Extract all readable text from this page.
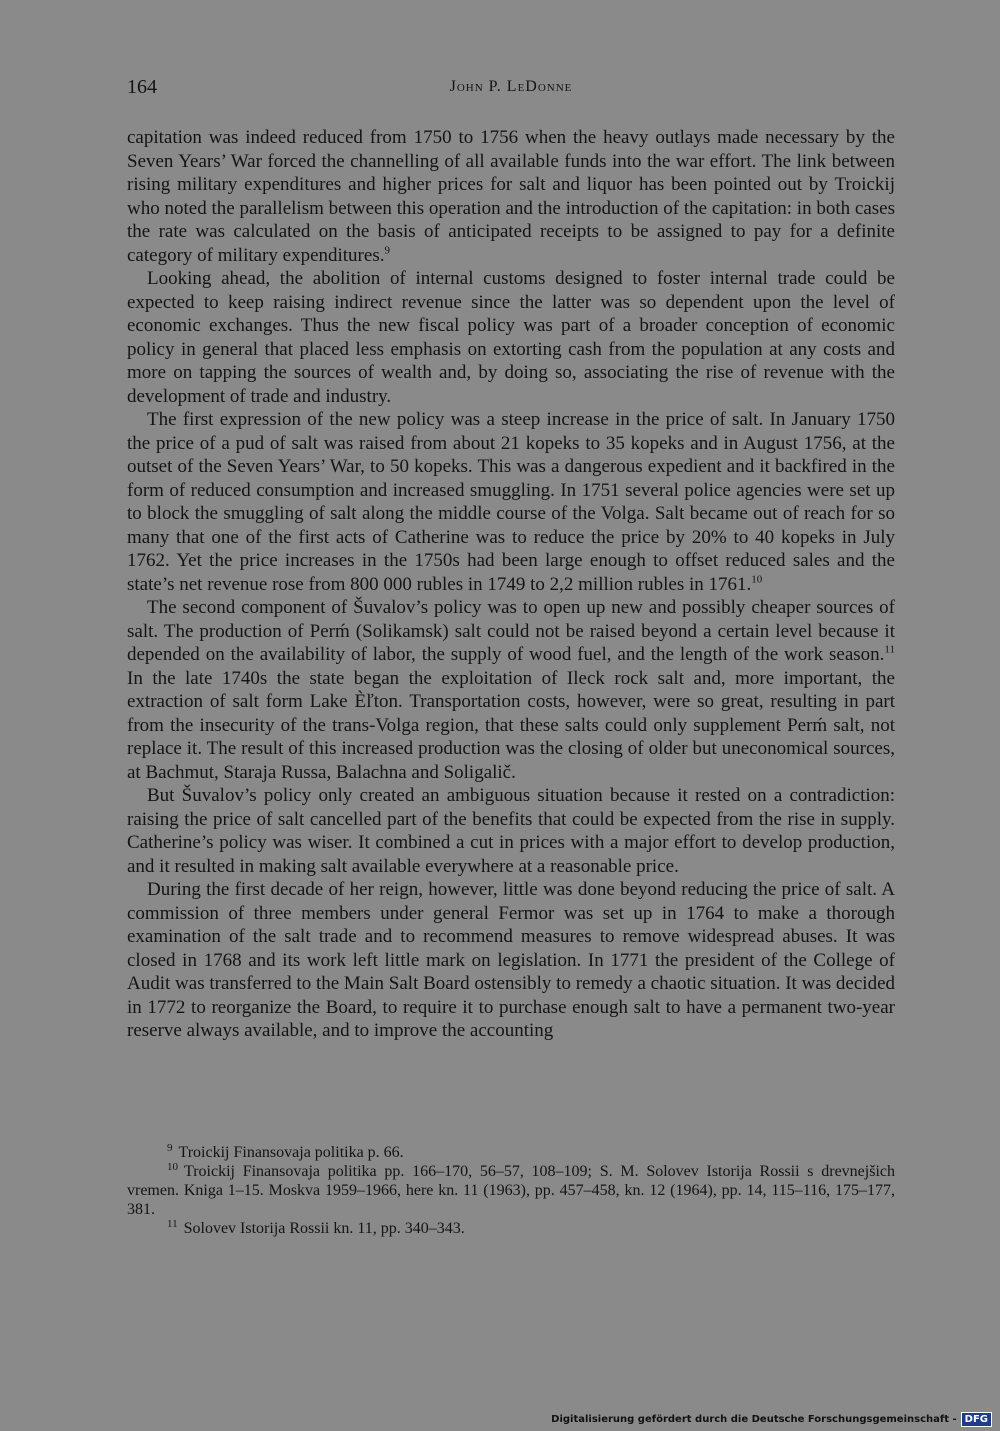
164	John P. LeDonne

capitation was indeed reduced from 1750 to 1756 when the heavy outlays made necessary by the Seven Years’ War forced the channelling of all available funds into the war effort. The link between rising military expenditures and higher prices for salt and liquor has been pointed out by Troickij who noted the parallelism between this operation and the introduction of the capitation: in both cases the rate was calculated on the basis of anticipated receipts to be assigned to pay for a definite category of military expenditures.$^9$

Looking ahead, the abolition of internal customs designed to foster internal trade could be expected to keep raising indirect revenue since the latter was so dependent upon the level of economic exchanges. Thus the new fiscal policy was part of a broader conception of economic policy in general that placed less emphasis on extorting cash from the population at any costs and more on tapping the sources of wealth and, by doing so, associating the rise of revenue with the development of trade and industry.

The first expression of the new policy was a steep increase in the price of salt. In January 1750 the price of a pud of salt was raised from about 21 kopeks to 35 kopeks and in August 1756, at the outset of the Seven Years’ War, to 50 kopeks. This was a dangerous expedient and it backfired in the form of reduced consumption and increased smuggling. In 1751 several police agencies were set up to block the smuggling of salt along the middle course of the Volga. Salt became out of reach for so many that one of the first acts of Catherine was to reduce the price by 20% to 40 kopeks in July 1762. Yet the price increases in the 1750s had been large enough to offset reduced sales and the state’s net revenue rose from 800 000 rubles in 1749 to 2,2 million rubles in 1761.10

The second component of Šuvalov’s policy was to open up new and possibly cheaper sources of salt. The production of Perḿ (Solikamsk) salt could not be raised beyond a certain level because it depended on the availability of labor, the supply of wood fuel, and the length of the work season.$^{11}$ In the late 1740s the state began the exploitation of Ileck rock salt and, more important, the extraction of salt form Lake Èľton. Transportation costs, however, were so great, resulting in part from the insecurity of the trans-Volga region, that these salts could only supplement Perḿ salt, not replace it. The result of this increased production was the closing of older but uneconomical sources, at Bachmut, Staraja Russa, Balachna and Soligalič.

But Šuvalov’s policy only created an ambiguous situation because it rested on a contradiction: raising the price of salt cancelled part of the benefits that could be expected from the rise in supply. Catherine’s policy was wiser. It combined a cut in prices with a major effort to develop production, and it resulted in making salt available everywhere at a reasonable price.

During the first decade of her reign, however, little was done beyond reducing the price of salt. A commission of three members under general Fermor was set up in 1764 to make a thorough examination of the salt trade and to recommend measures to remove widespread abuses. It was closed in 1768 and its work left little mark on legislation. In 1771 the president of the College of Audit was transferred to the Main Salt Board ostensibly to remedy a chaotic situation. It was decided in 1772 to reorganize the Board, to require it to purchase enough salt to have a permanent two-year reserve always available, and to improve the accounting

$^9$ Troickij Finansovaja politika p. 66.

$^{10}$ Troickij Finansovaja politika pp. 166–170, 56–57, 108–109; S. M. Solovev Istorija Rossii s drevnejšich vremen. Kniga 1–15. Moskva 1959–1966, here kn. 11 (1963), pp. 457–458, kn. 12 (1964), pp. 14, 115–116, 175–177, 381.

$^{11}$ Solovev Istorija Rossii kn. 11, pp. 340–343.

Digitalisierung gefördert durch die Deutsche Forschungsgemeinschaft - DFG
